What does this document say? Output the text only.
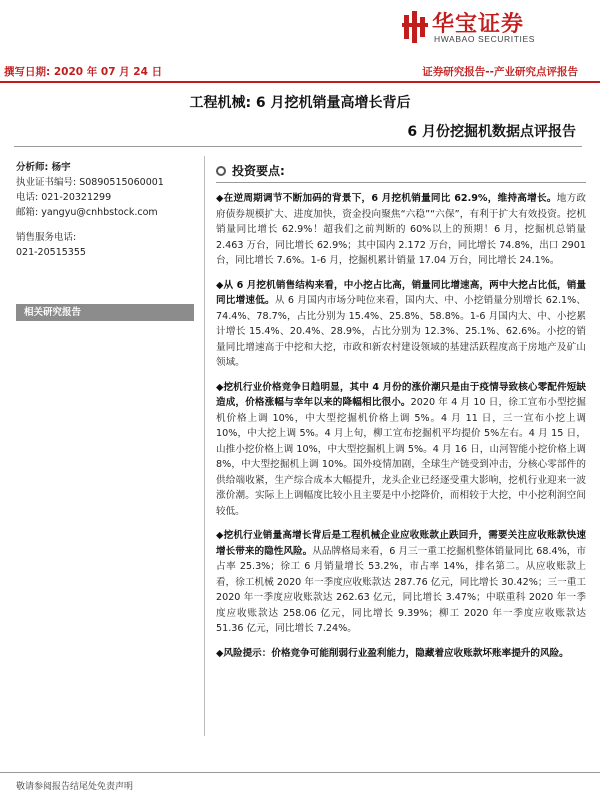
华宝证券
HWABAO SECURITIES
撰写日期: 2020 年 07 月 24 日	证券研究报告--产业研究点评报告
工程机械: 6 月挖机销量高增长背后
6 月份挖掘机数据点评报告
分析师: 杨宇
执业证书编号: S0890515060001
电话: 021-20321299
邮箱: yangyu@cnhbstock.com
销售服务电话:
021-20515355
相关研究报告
投资要点:

◆在逆周期调节不断加码的背景下，6 月挖机销量同比 62.9%，维持高增长。地方政府债券规模扩大、进度加快，资金投向聚焦“六稳”“六保”，有利于扩大有效投资。挖机销量同比增长 62.9%！超我们之前判断的 60%以上的预期！6 月，挖掘机总销量 2.463 万台，同比增长 62.9%；其中国内 2.172 万台，同比增长 74.8%，出口 2901 台，同比增长 7.6%。1-6 月，挖掘机累计销量 17.04 万台，同比增长 24.1%。

◆从 6 月挖机销售结构来看，中小挖占比高，销量同比增速高，两中大挖占比低，销量同比增速低。从 6 月国内市场分吨位来看，国内大、中、小挖销量分别增长 62.1%、74.4%、78.7%，占比分别为 15.4%、25.8%、58.8%。1-6 月国内大、中、小挖累计增长 15.4%、20.4%、28.9%，占比分别为 12.3%、25.1%、62.6%。小挖的销量同比增速高于中挖和大挖，市政和新农村建设领域的基建活跃程度高于房地产及矿山领域。

◆挖机行业价格竞争日趋明显，其中 4 月份的涨价潮只是由于疫情导致核心零配件短缺造成，价格涨幅与幸年以来的降幅相比很小。2020 年 4 月 10 日，徐工宣布小型挖掘机价格上调 10%，中大型挖掘机价格上调 5%。4 月 11 日，三一宣布小挖上调 10%，中大挖上调 5%。4 月上旬，柳工宣布挖掘机平均提价 5%左右。4 月 15 日，山推小挖价格上调 10%，中大型挖掘机上调 5%。4 月 16 日，山河智能小挖价格上调 8%，中大型挖掘机上调 10%。国外疫情加剧，全球生产链受到冲击，分核心零部件的供给端收紧，生产综合成本大幅提升，龙头企业已经逐受重大影响，挖机行业迎来一波涨价潮。实际上上调幅度比较小且主要是中小挖降价，而相较于大挖，中小挖利润空间较低。

◆挖机行业销量高增长背后是工程机械企业应收账款止跌回升，需要关注应收账款快速增长带来的隐性风险。从品牌格局来看，6 月三一重工挖掘机整体销量同比 68.4%，市占率 25.3%；徐工 6 月销量增长 53.2%，市占率 14%，排名第二。从应收账款上看，徐工机械 2020 年一季度应收账款达 287.76 亿元，同比增长 30.42%；三一重工 2020 年一季度应收账款达 262.63 亿元，同比增长 3.47%；中联重科 2020 年一季度应收账款达 258.06 亿元，同比增长 9.39%；柳工 2020 年一季度应收账款达 51.36 亿元，同比增长 7.24%。

◆风险提示：价格竞争可能削弱行业盈利能力，隐藏着应收账款坏账率提升的风险。

敬请参阅报告结尾处免责声明
